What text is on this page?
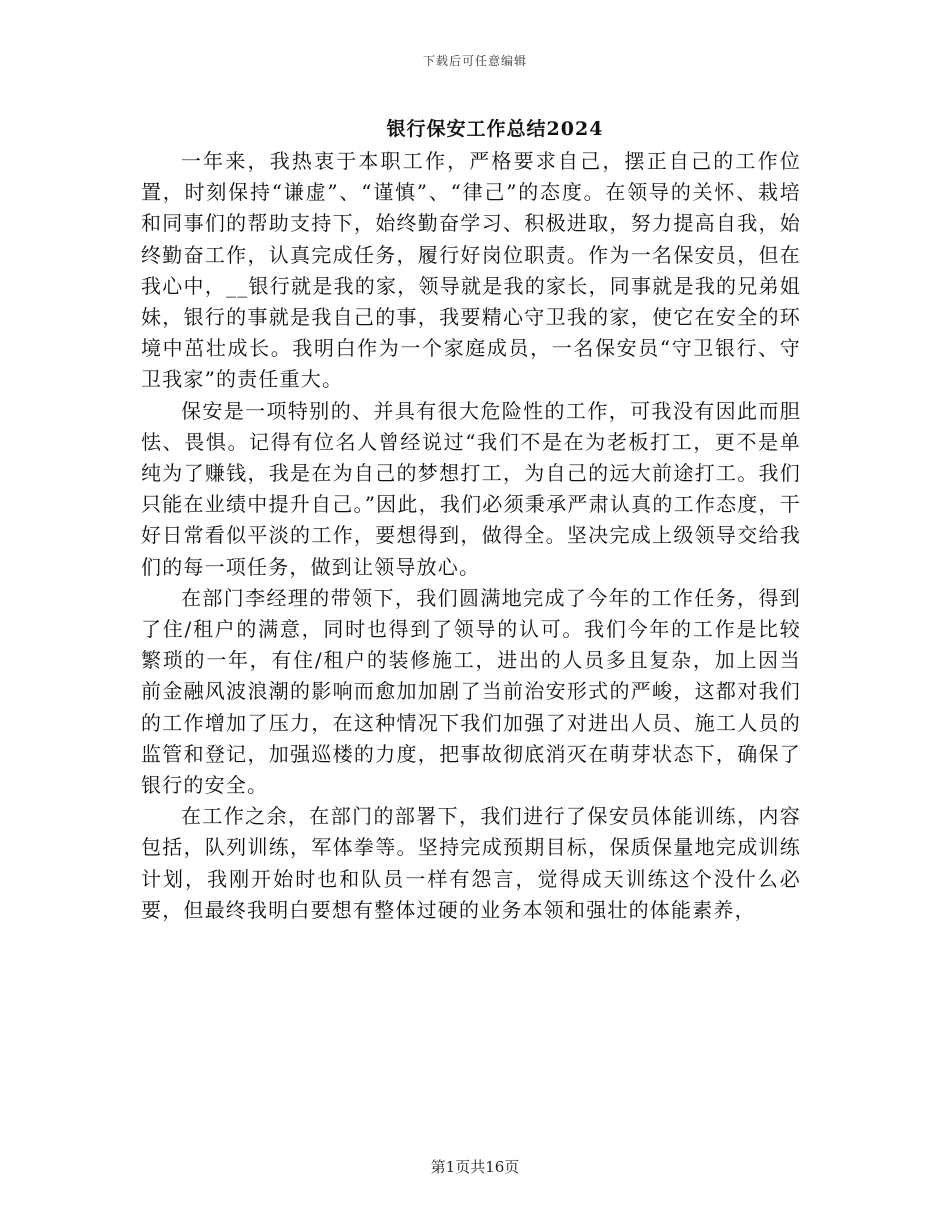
下载后可任意编辑
银行保安工作总结2024

一年来，我热衷于本职工作，严格要求自己，摆正自己的工作位置，时刻保持“谦虚”、“谨慎”、“律己”的态度。在领导的关怀、栽培和同事们的帮助支持下，始终勤奋学习、积极进取，努力提高自我，始终勤奋工作，认真完成任务，履行好岗位职责。作为一名保安员，但在我心中，__银行就是我的家，领导就是我的家长，同事就是我的兄弟姐妹，银行的事就是我自己的事，我要精心守卫我的家，使它在安全的环境中茁壮成长。我明白作为一个家庭成员，一名保安员“守卫银行、守卫我家”的责任重大。

保安是一项特别的、并具有很大危险性的工作，可我没有因此而胆怯、畏惧。记得有位名人曾经说过“我们不是在为老板打工，更不是单纯为了赚钱，我是在为自己的梦想打工，为自己的远大前途打工。我们只能在业绩中提升自己。”因此，我们必须秉承严肃认真的工作态度，干好日常看似平淡的工作，要想得到，做得全。坚决完成上级领导交给我们的每一项任务，做到让领导放心。

在部门李经理的带领下，我们圆满地完成了今年的工作任务，得到了住/租户的满意，同时也得到了领导的认可。我们今年的工作是比较繁琐的一年，有住/租户的装修施工，进出的人员多且复杂，加上因当前金融风波浪潮的影响而愈加加剧了当前治安形式的严峻，这都对我们的工作增加了压力，在这种情况下我们加强了对进出人员、施工人员的监管和登记，加强巡楼的力度，把事故彻底消灭在萌芽状态下，确保了银行的安全。

在工作之余，在部门的部署下，我们进行了保安员体能训练，内容包括，队列训练，军体拳等。坚持完成预期目标，保质保量地完成训练计划，我刚开始时也和队员一样有怨言，觉得成天训练这个没什么必要，但最终我明白要想有整体过硬的业务本领和强壮的体能素养，

第1页共16页
